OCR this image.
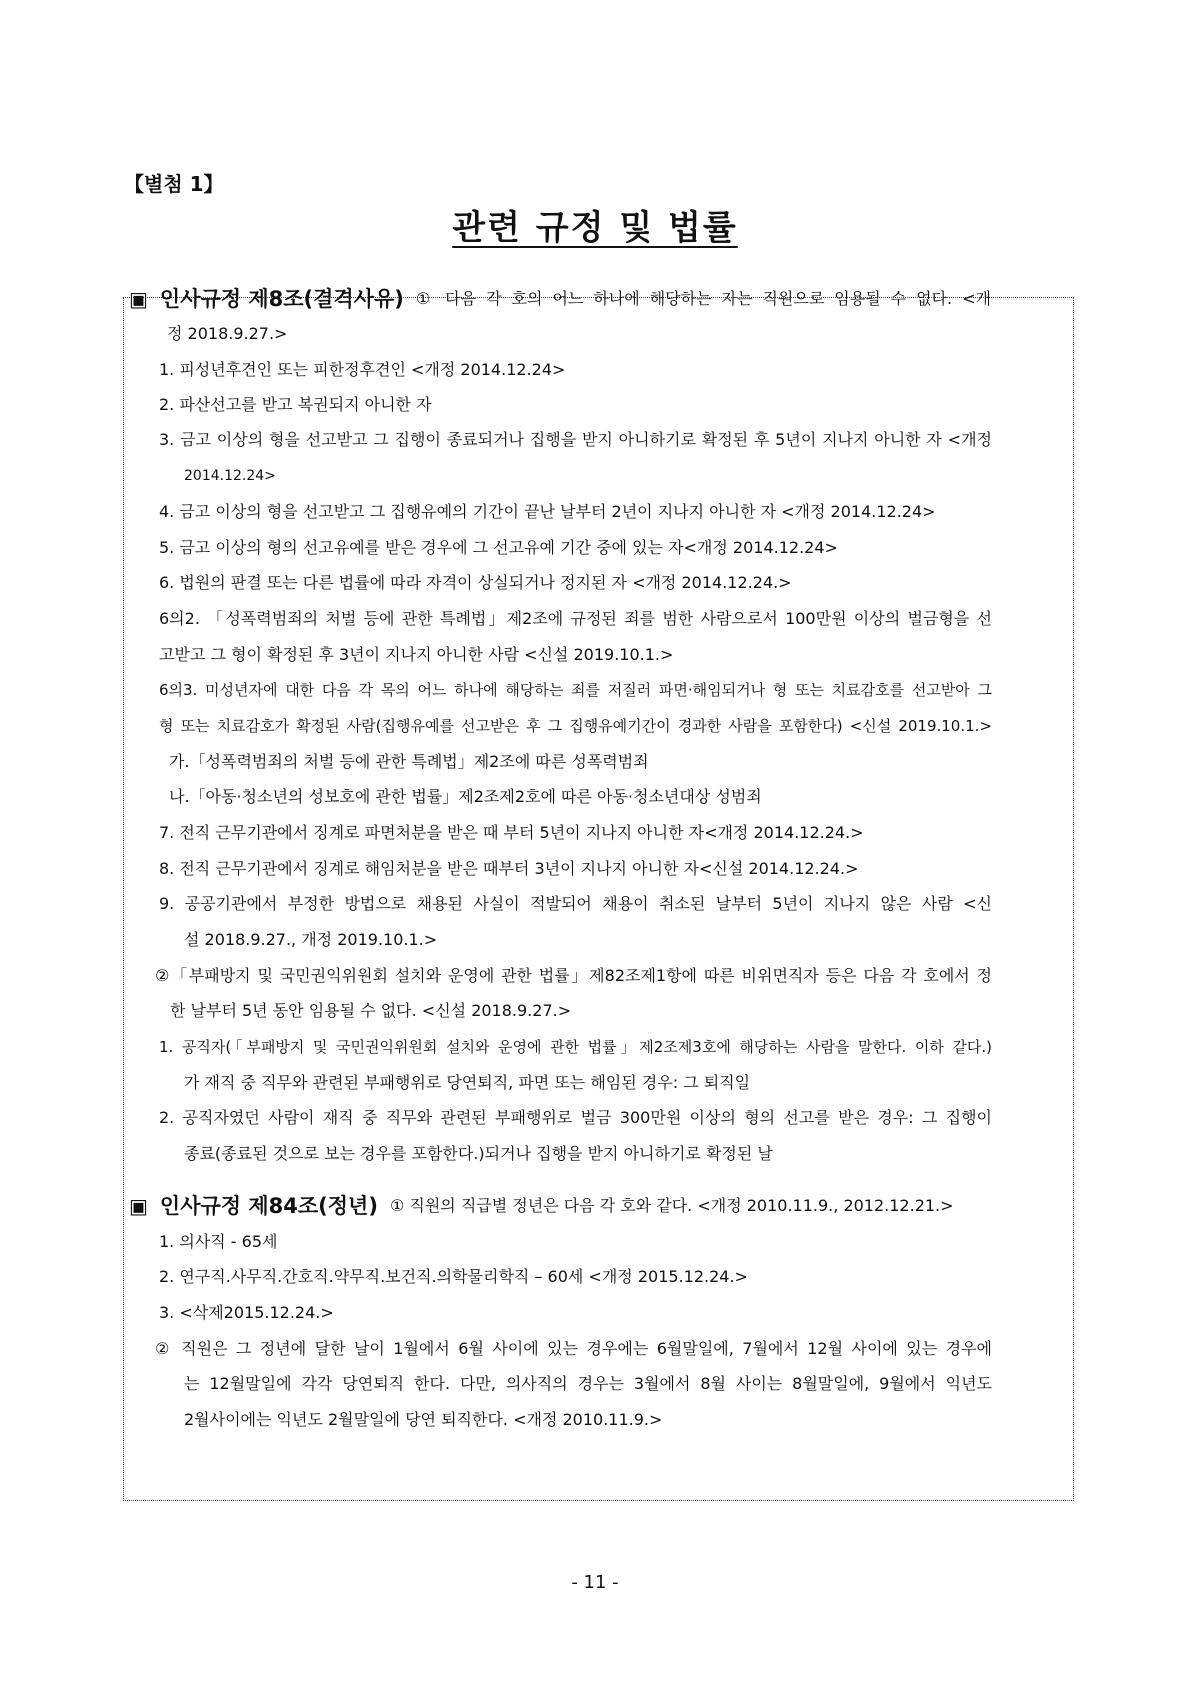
【별첨 1】
관련 규정 및 법률
▣ 인사규정 제8조(결격사유) ① 다음 각 호의 어느 하나에 해당하는 자는 직원으로 임용될 수 없다. <개
정 2018.9.27.>
1. 피성년후견인 또는 피한정후견인 <개정 2014.12.24>
2. 파산선고를 받고 복권되지 아니한 자
3. 금고 이상의 형을 선고받고 그 집행이 종료되거나 집행을 받지 아니하기로 확정된 후 5년이 지나지 아니한 자 <개정
2014.12.24>
4. 금고 이상의 형을 선고받고 그 집행유예의 기간이 끝난 날부터 2년이 지나지 아니한 자 <개정 2014.12.24>
5. 금고 이상의 형의 선고유예를 받은 경우에 그 선고유예 기간 중에 있는 자<개정 2014.12.24>
6. 법원의 판결 또는 다른 법률에 따라 자격이 상실되거나 정지된 자 <개정 2014.12.24.>
6의2. 「성폭력범죄의 처벌 등에 관한 특례법」제2조에 규정된 죄를 범한 사람으로서 100만원 이상의 벌금형을 선
고받고 그 형이 확정된 후 3년이 지나지 아니한 사람 <신설 2019.10.1.>
6의3. 미성년자에 대한 다음 각 목의 어느 하나에 해당하는 죄를 저질러 파면·해임되거나 형 또는 치료감호를 선고받아 그
형 또는 치료감호가 확정된 사람(집행유예를 선고받은 후 그 집행유예기간이 경과한 사람을 포함한다) <신설 2019.10.1.>
가.「성폭력범죄의 처벌 등에 관한 특례법」제2조에 따른 성폭력범죄
나.「아동·청소년의 성보호에 관한 법률」제2조제2호에 따른 아동·청소년대상 성범죄
7. 전직 근무기관에서 징계로 파면처분을 받은 때 부터 5년이 지나지 아니한 자<개정 2014.12.24.>
8. 전직 근무기관에서 징계로 해임처분을 받은 때부터 3년이 지나지 아니한 자<신설 2014.12.24.>
9. 공공기관에서 부정한 방법으로 채용된 사실이 적발되어 채용이 취소된 날부터 5년이 지나지 않은 사람 <신
설 2018.9.27., 개정 2019.10.1.>
②「부패방지 및 국민권익위원회 설치와 운영에 관한 법률」제82조제1항에 따른 비위면직자 등은 다음 각 호에서 정
한 날부터 5년 동안 임용될 수 없다. <신설 2018.9.27.>
1. 공직자(「부패방지 및 국민권익위원회 설치와 운영에 관한 법률」제2조제3호에 해당하는 사람을 말한다. 이하 같다.)
가 재직 중 직무와 관련된 부패행위로 당연퇴직, 파면 또는 해임된 경우: 그 퇴직일
2. 공직자였던 사람이 재직 중 직무와 관련된 부패행위로 벌금 300만원 이상의 형의 선고를 받은 경우: 그 집행이
종료(종료된 것으로 보는 경우를 포함한다.)되거나 집행을 받지 아니하기로 확정된 날
▣ 인사규정 제84조(정년) ① 직원의 직급별 정년은 다음 각 호와 같다. <개정 2010.11.9., 2012.12.21.>
1. 의사직 - 65세
2. 연구직.사무직.간호직.약무직.보건직.의학물리학직 – 60세 <개정 2015.12.24.>
3. <삭제2015.12.24.>
② 직원은 그 정년에 달한 날이 1월에서 6월 사이에 있는 경우에는 6월말일에, 7월에서 12월 사이에 있는 경우에
는 12월말일에 각각 당연퇴직 한다. 다만, 의사직의 경우는 3월에서 8월 사이는 8월말일에, 9월에서 익년도
2월사이에는 익년도 2월말일에 당연 퇴직한다. <개정 2010.11.9.>
- 11 -
